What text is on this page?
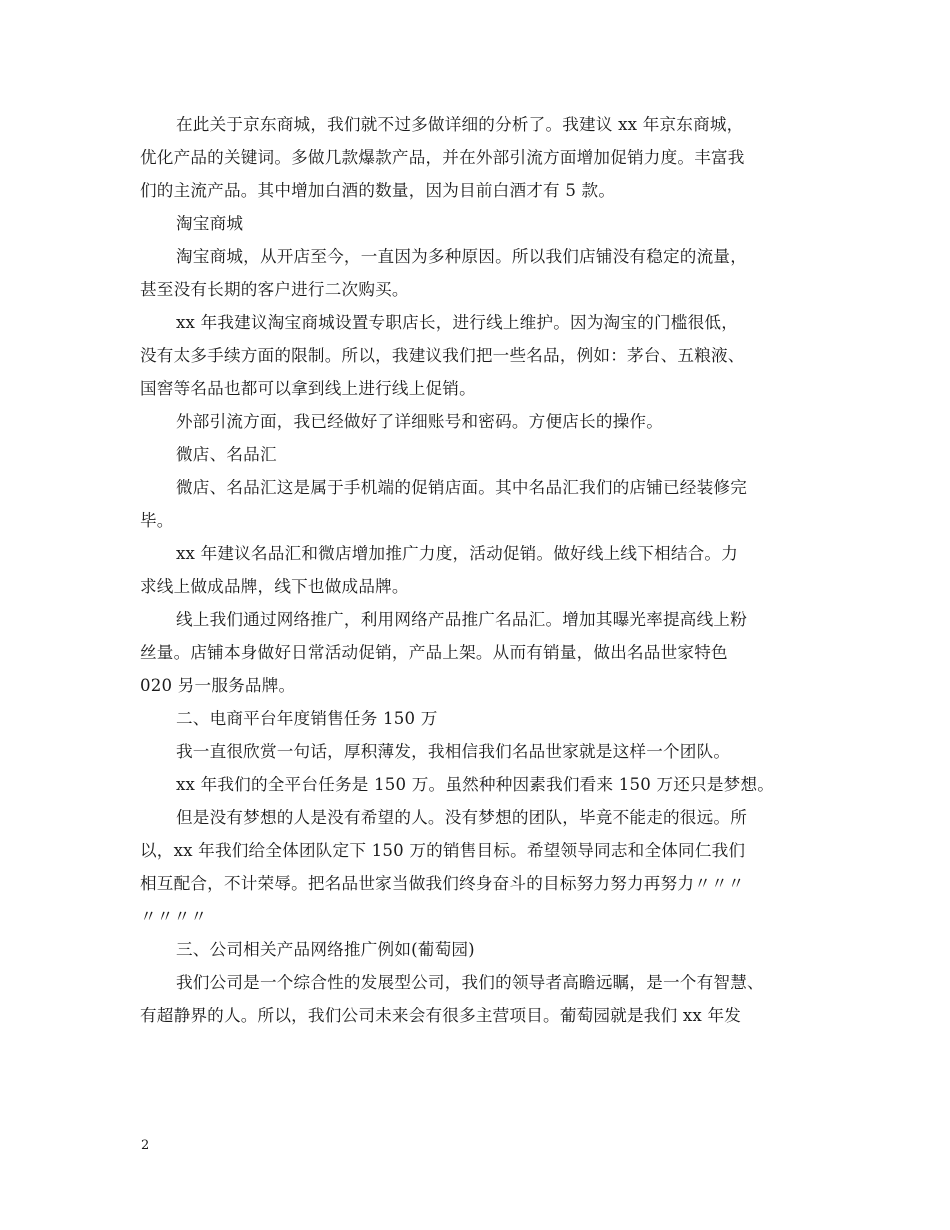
在此关于京东商城，我们就不过多做详细的分析了。我建议 xx 年京东商城，
优化产品的关键词。多做几款爆款产品，并在外部引流方面增加促销力度。丰富我
们的主流产品。其中增加白酒的数量，因为目前白酒才有 5 款。
淘宝商城
淘宝商城，从开店至今，一直因为多种原因。所以我们店铺没有稳定的流量，
甚至没有长期的客户进行二次购买。
xx 年我建议淘宝商城设置专职店长，进行线上维护。因为淘宝的门槛很低，
没有太多手续方面的限制。所以，我建议我们把一些名品，例如：茅台、五粮液、
国窖等名品也都可以拿到线上进行线上促销。
外部引流方面，我已经做好了详细账号和密码。方便店长的操作。
微店、名品汇
微店、名品汇这是属于手机端的促销店面。其中名品汇我们的店铺已经装修完
毕。
xx 年建议名品汇和微店增加推广力度，活动促销。做好线上线下相结合。力
求线上做成品牌，线下也做成品牌。
线上我们通过网络推广，利用网络产品推广名品汇。增加其曝光率提高线上粉
丝量。店铺本身做好日常活动促销，产品上架。从而有销量，做出名品世家特色
020 另一服务品牌。
二、电商平台年度销售任务 150 万
我一直很欣赏一句话，厚积薄发，我相信我们名品世家就是这样一个团队。
xx 年我们的全平台任务是 150 万。虽然种种因素我们看来 150 万还只是梦想。
但是没有梦想的人是没有希望的人。没有梦想的团队，毕竟不能走的很远。所
以，xx 年我们给全体团队定下 150 万的销售目标。希望领导同志和全体同仁我们
相互配合，不计荣辱。把名品世家当做我们终身奋斗的目标努力努力再努力〃〃〃
〃〃〃〃
三、公司相关产品网络推广例如(葡萄园)
我们公司是一个综合性的发展型公司，我们的领导者高瞻远瞩，是一个有智慧、
有超静界的人。所以，我们公司未来会有很多主营项目。葡萄园就是我们 xx 年发
2
